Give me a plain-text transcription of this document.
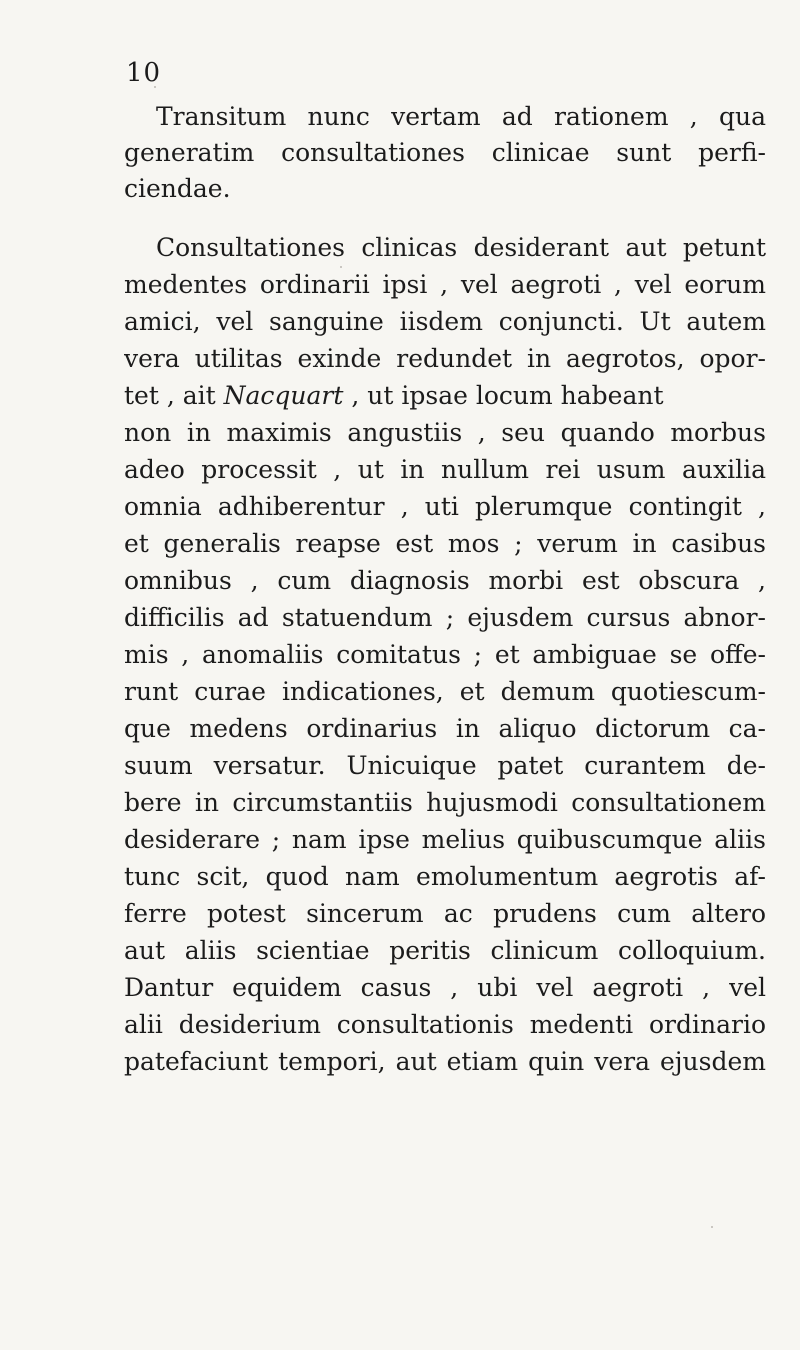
10
Transitum nunc vertam ad rationem , qua
generatim consultationes clinicae sunt perfi-
ciendae.
Consultationes clinicas desiderant aut petunt
medentes ordinarii ipsi , vel aegroti , vel eorum
amici, vel sanguine iisdem conjuncti. Ut autem
vera utilitas exinde redundet in aegrotos, opor-
tet , ait Nacquart , ut ipsae locum habeant
non in maximis angustiis , seu quando morbus
adeo processit , ut in nullum rei usum auxilia
omnia adhiberentur , uti plerumque contingit ,
et generalis reapse est mos ; verum in casibus
omnibus , cum diagnosis morbi est obscura ,
difficilis ad statuendum ; ejusdem cursus abnor-
mis , anomaliis comitatus ; et ambiguae se offe-
runt curae indicationes, et demum quotiescum-
que medens ordinarius in aliquo dictorum ca-
suum versatur. Unicuique patet curantem de-
bere in circumstantiis hujusmodi consultationem
desiderare ; nam ipse melius quibuscumque aliis
tunc scit, quod nam emolumentum aegrotis af-
ferre potest sincerum ac prudens cum altero
aut aliis scientiae peritis clinicum colloquium.
Dantur equidem casus , ubi vel aegroti , vel
alii desiderium consultationis medenti ordinario
patefaciunt tempori, aut etiam quin vera ejusdem
